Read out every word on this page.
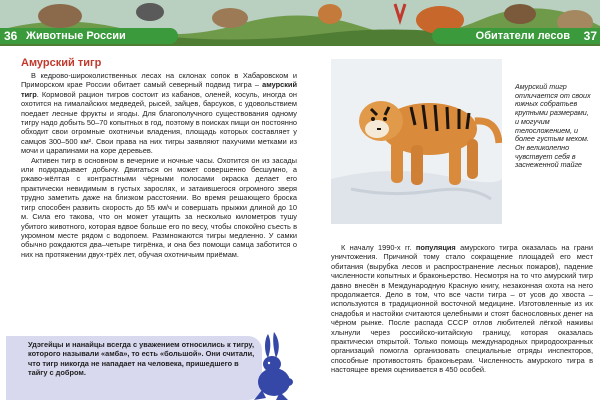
Животные России	Обитатели лесов
36	37
Амурский тигр

В кедрово-широколиственных лесах на склонах сопок в Хабаровском и Приморском крае России обитает самый северный подвид тигра – амурский тигр. Кормовой рацион тигров состоит из кабанов, оленей, косуль, иногда он охотится на гималайских медведей, рысей, зайцев, барсуков, с удовольствием поедает лесные фрукты и ягоды. Для благополучного существования одному тигру надо добыть 50–70 копытных в год, поэтому в поисках пищи он постоянно обходит свои огромные охотничьи владения, площадь которых составляет у самцов 300–500 км². Свои права на них тигры заявляют пахучими метками из мочи и царапинами на коре деревьев.

Активен тигр в основном в вечерние и ночные часы. Охотится он из засады или подкрадывает добычу. Двигаться он может совершенно бесшумно, а ржаво-жёлтая с контрастными чёрными полосами окраска делает его практически невидимым в густых зарослях, и затаившегося огромного зверя трудно заметить даже на близком расстоянии. Во время решающего броска тигр способен развить скорость до 55 км/ч и совершать прыжки длиной до 10 м. Сила его такова, что он может утащить за несколько километров тушу убитого животного, которая вдвое больше его по весу, чтобы спокойно съесть в укромном месте рядом с водопоем. Размножаются тигры медленно. У самки обычно рождаются два–четыре тигрёнка, и она без помощи самца заботится о них на протяжении двух-трёх лет, обучая охотничьим приёмам.

Удэгейцы и нанайцы всегда с уважением относились к тигру, которого называли «амба», то есть «большой». Они считали, что тигр никогда не нападает на человека, пришедшего в тайгу с добром.
Амурский тигр отличается от своих южных собратьев крупными размерами, и могучим телосложением, и более густым мехом. Он великолепно чувствует себя в заснеженной тайге

К началу 1990-х гг. популяция амурского тигра оказалась на грани уничтожения. Причиной тому стало сокращение площадей его мест обитания (вырубка лесов и распространение лесных пожаров), падение численности копытных и браконьерство. Несмотря на то что амурский тигр давно внесён в Международную Красную книгу, незаконная охота на него продолжается. Дело в том, что все части тигра – от усов до хвоста – используются в традиционной восточной медицине. Изготовленные из их снадобья и настойки считаются целебными и стоят баснословных денег на чёрном рынке. После распада СССР отлов любителей лёгкой наживы хлынули через российско-китайскую границу, которая оказалась практически открытой. Только помощь международных природоохранных организаций помогла организовать специальные отряды инспекторов, способные противостоять браконьерам. Численность амурского тигра в настоящее время оценивается в 450 особей.
